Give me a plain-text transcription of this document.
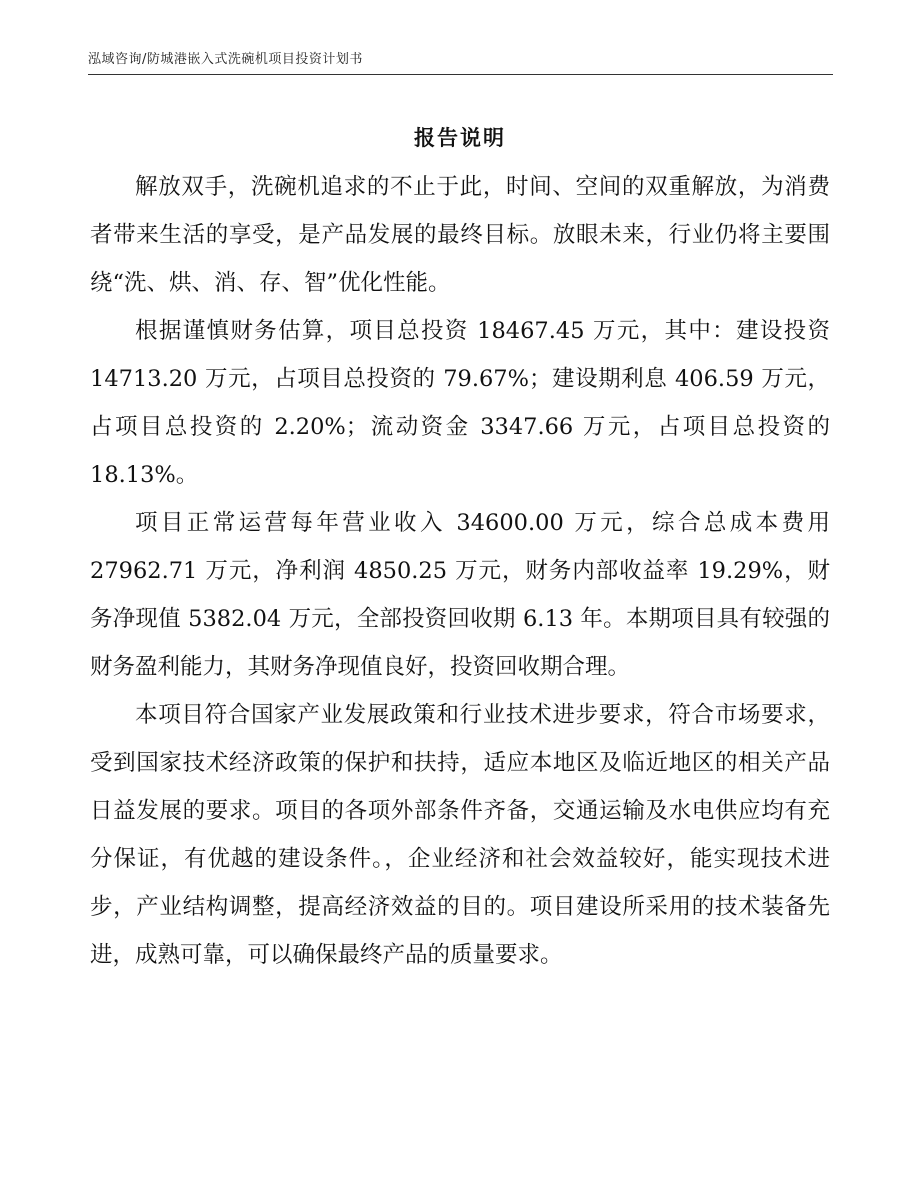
泓域咨询/防城港嵌入式洗碗机项目投资计划书
报告说明

解放双手，洗碗机追求的不止于此，时间、空间的双重解放，为消费者带来生活的享受，是产品发展的最终目标。放眼未来，行业仍将主要围绕“洗、烘、消、存、智”优化性能。

根据谨慎财务估算，项目总投资 18467.45 万元，其中：建设投资 14713.20 万元，占项目总投资的 79.67%；建设期利息 406.59 万元，占项目总投资的 2.20%；流动资金 3347.66 万元，占项目总投资的 18.13%。

项目正常运营每年营业收入 34600.00 万元，综合总成本费用 27962.71 万元，净利润 4850.25 万元，财务内部收益率 19.29%，财务净现值 5382.04 万元，全部投资回收期 6.13 年。本期项目具有较强的财务盈利能力，其财务净现值良好，投资回收期合理。

本项目符合国家产业发展政策和行业技术进步要求，符合市场要求，受到国家技术经济政策的保护和扶持，适应本地区及临近地区的相关产品日益发展的要求。项目的各项外部条件齐备，交通运输及水电供应均有充分保证，有优越的建设条件。，企业经济和社会效益较好，能实现技术进步，产业结构调整，提高经济效益的目的。项目建设所采用的技术装备先进，成熟可靠，可以确保最终产品的质量要求。
